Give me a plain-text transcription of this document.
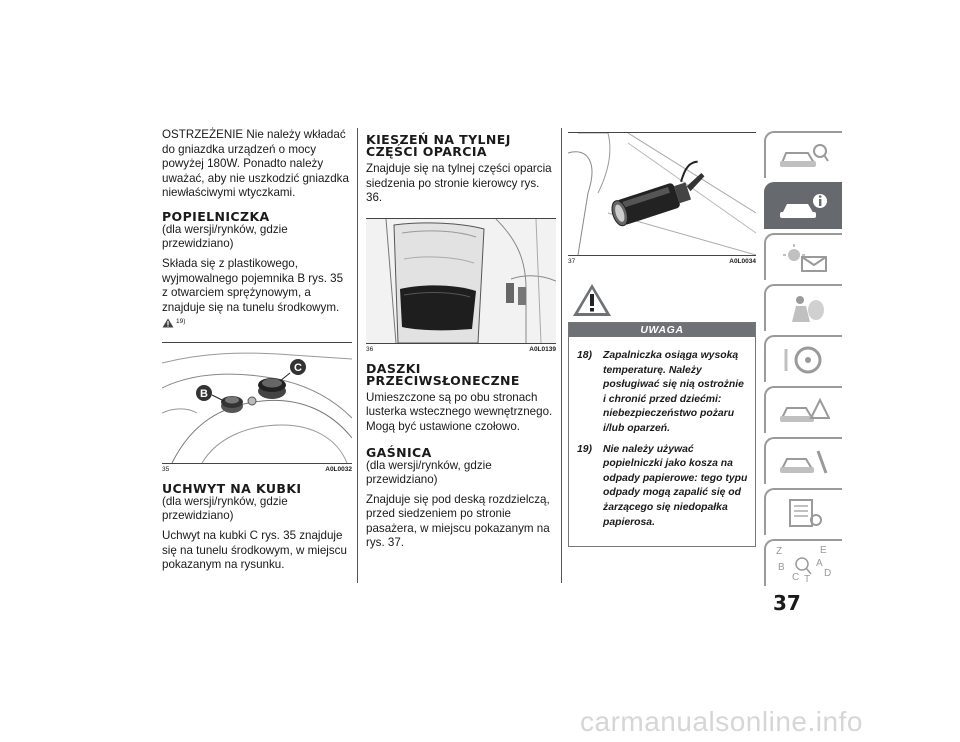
OSTRZEŻENIE Nie należy wkładać do gniazdka urządzeń o mocy powyżej 180W. Ponadto należy uważać, aby nie uszkodzić gniazdka niewłaściwymi wtyczkami.

POPIELNICZKA
(dla wersji/rynków, gdzie przewidziano)

Składa się z plastikowego, wyjmowalnego pojemnika B rys. 35 z otwarciem sprężynowym, a znajduje się na tunelu środkowym.
19)

B
C
35	A0L0032
UCHWYT NA KUBKI
(dla wersji/rynków, gdzie przewidziano)

Uchwyt na kubki C rys. 35 znajduje się na tunelu środkowym, w miejscu pokazanym na rysunku.

KIESZEŃ NA TYLNEJ
CZĘŚCI OPARCIA

Znajduje się na tylnej części oparcia siedzenia po stronie kierowcy rys. 36.

36	A0L0139
DASZKI
PRZECIWSŁONECZNE

Umieszczone są po obu stronach lusterka wstecznego wewnętrznego. Mogą być ustawione czołowo.

GAŚNICA
(dla wersji/rynków, gdzie przewidziano)

Znajduje się pod deską rozdzielczą, przed siedzeniem po stronie pasażera, w miejscu pokazanym na rys. 37.

37	A0L0034
UWAGA
18)	Zapalniczka osiąga wysoką temperaturę. Należy posługiwać się nią ostrożnie i chronić przed dziećmi: niebezpieczeństwo pożaru i/lub oparzeń.
19)	Nie należy używać popielniczki jako kosza na odpady papierowe: tego typu odpady mogą zapalić się od żarzącego się niedopałka papierosa.
Z	E
A
B
C T
D
37
carmanualsonline.info
